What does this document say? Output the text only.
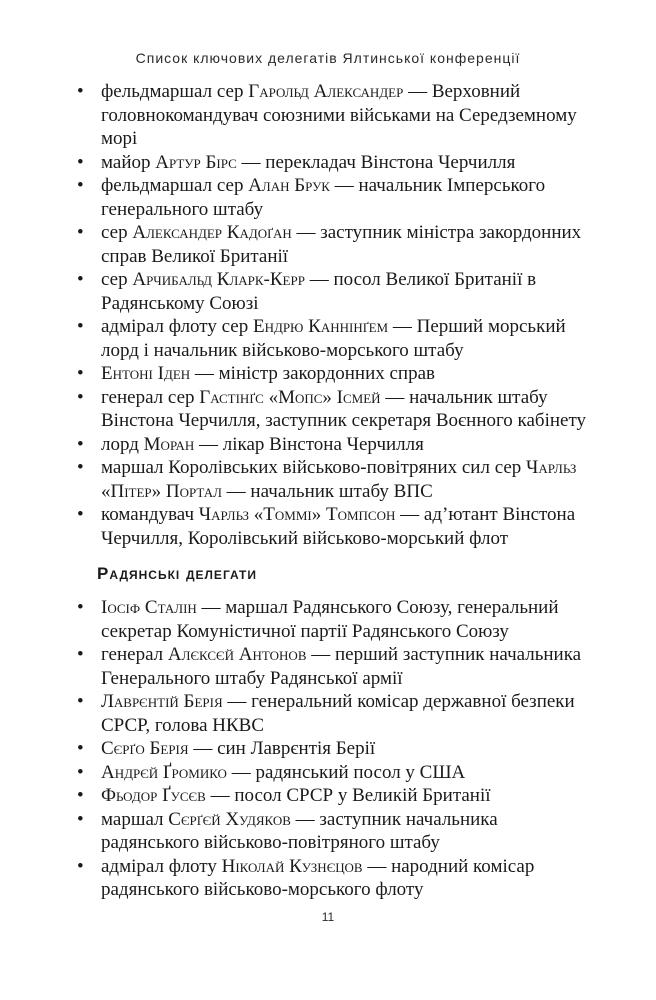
Список ключових делегатів Ялтинської конференції
• фельдмаршал сер Гарольд Александер — Верховний головнокомандувач союзними військами на Середземному морі
• майор Артур Бірс — перекладач Вінстона Черчилля
• фельдмаршал сер Алан Брук — начальник Імперського генерального штабу
• сер Александер Кадоґан — заступник міністра закордонних справ Великої Британії
• сер Арчибальд Кларк-Керр — посол Великої Британії в Радянському Союзі
• адмірал флоту сер Ендрю Каннінґем — Перший морський лорд і начальник військово-морського штабу
• Ентоні Іден — міністр закордонних справ
• генерал сер Гастінґс «Мопс» Ісмей — начальник штабу Вінстона Черчилля, заступник секретаря Воєнного кабінету
• лорд Моран — лікар Вінстона Черчилля
• маршал Королівських військово-повітряних сил сер Чарльз «Пітер» Портал — начальник штабу ВПС
• командувач Чарльз «Томмі» Томпсон — ад’ютант Вінстона Черчилля, Королівський військово-морський флот
Радянські делегати
• Іосіф Сталін — маршал Радянського Союзу, генеральний секретар Комуністичної партії Радянського Союзу
• генерал Алєксєй Антонов — перший заступник начальника Генерального штабу Радянської армії
• Лаврєнтій Берія — генеральний комісар державної безпеки СРСР, голова НКВС
• Сєрґо Берія — син Лаврєнтія Берії
• Андрєй Ґромико — радянський посол у США
• Фьодор Ґусєв — посол СРСР у Великій Британії
• маршал Сєрґєй Худяков — заступник начальника радянського військово-повітряного штабу
• адмірал флоту Ніколай Кузнєцов — народний комісар радянського військово-морського флоту
11
